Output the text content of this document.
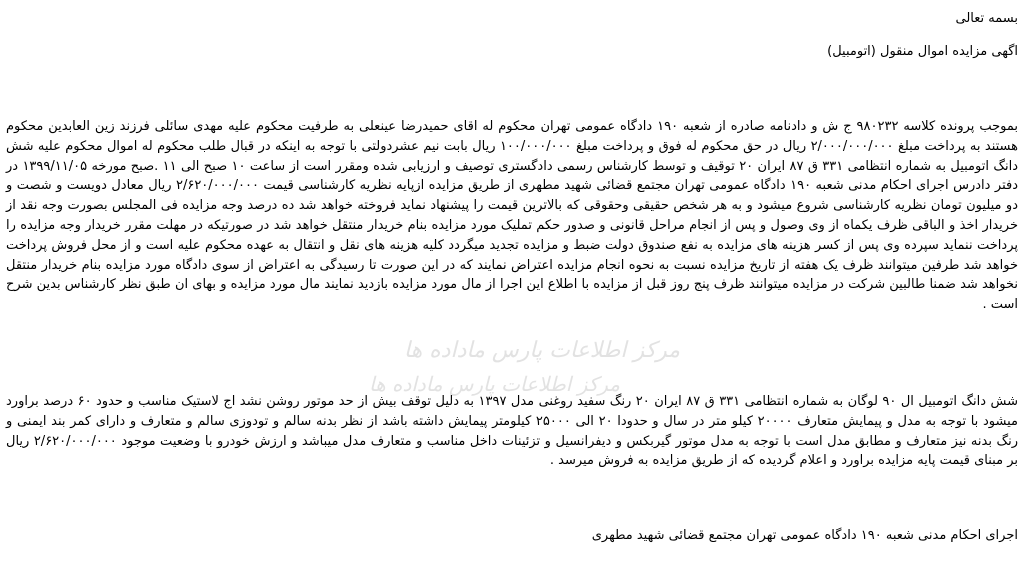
بسمه تعالی
اگهی مزایده اموال منقول (اتومبیل)
مرکز اطلاعات پارس ماداده ها
مرکز اطلاعات پارس ماداده ها
بموجب پرونده کلاسه ۹۸۰۲۳۲ ج ش و دادنامه صادره از شعبه ۱۹۰ دادگاه عمومی تهران محکوم له اقای حمیدرضا عینعلی به طرفیت محکوم علیه مهدی سائلی فرزند زین العابدین محکوم هستند به پرداخت مبلغ ۲/۰۰۰/۰۰۰/۰۰۰ ریال در حق محکوم له فوق و پرداخت مبلغ ۱۰۰/۰۰۰/۰۰۰ ریال بابت نیم عشردولتی با توجه به اینکه در قبال طلب محکوم له اموال محکوم علیه شش دانگ اتومبیل به شماره انتظامی ۳۳۱ ق ۸۷ ایران ۲۰ توقیف و توسط کارشناس رسمی دادگستری توصیف و ارزیابی شده ومقرر است از ساعت ۱۰ صبح الی ۱۱ .صبح مورخه ۱۳۹۹/۱۱/۰۵ در دفتر دادرس اجرای احکام مدنی شعبه ۱۹۰ دادگاه عمومی تهران مجتمع قضائی شهید مطهری از طریق مزایده ازپایه نظریه کارشناسی قیمت ۲/۶۲۰/۰۰۰/۰۰۰ ریال معادل دویست و شصت و دو میلیون تومان نظریه کارشناسی شروع میشود و به هر شخص حقیقی وحقوقی که بالاترین قیمت را پیشنهاد نماید فروخته خواهد شد ده درصد وجه مزایده فی المجلس بصورت وجه نقد از خریدار اخذ و الباقی ظرف یکماه از وی وصول و پس از انجام مراحل قانونی و صدور حکم تملیک مورد مزایده بنام خریدار منتقل خواهد شد در صورتیکه در مهلت مقرر خریدار وجه مزایده را پرداخت ننماید سپرده وی پس از کسر هزینه های مزایده به نفع صندوق دولت ضبط و مزایده تجدید میگردد کلیه هزینه های نقل و انتقال به عهده محکوم علیه است و از محل فروش پرداخت خواهد شد طرفین میتوانند ظرف یک هفته از تاریخ مزایده نسبت به نحوه انجام مزایده اعتراض نمایند که در این صورت تا رسیدگی به اعتراض از سوی دادگاه مورد مزایده بنام خریدار منتقل نخواهد شد ضمنا طالبین شرکت در مزایده میتوانند ظرف پنج روز قبل از مزایده با اطلاع این اجرا از مال مورد مزایده بازدید نمایند مال مورد مزایده و بهای ان طبق نظر کارشناس بدین شرح است .
شش دانگ اتومبیل ال ۹۰ لوگان به شماره انتظامی ۳۳۱ ق ۸۷ ایران ۲۰ رنگ سفید روغنی مدل ۱۳۹۷ به دلیل توقف بیش از حد موتور روشن نشد اج لاستیک مناسب و حدود ۶۰ درصد براورد میشود با توجه به مدل و پیمایش متعارف ۲۰۰۰۰ کیلو متر در سال و حدودا ۲۰ الی ۲۵۰۰۰ کیلومتر پیمایش داشته باشد از نظر بدنه سالم و تودوزی سالم و متعارف و دارای کمر بند ایمنی و رنگ بدنه نیز متعارف و مطابق مدل است با توجه به مدل موتور گیربکس و دیفرانسیل و تزئینات داخل مناسب و متعارف مدل میباشد و ارزش خودرو با وضعیت موجود ۲/۶۲۰/۰۰۰/۰۰۰ ریال بر مبنای قیمت پایه مزایده براورد و اعلام گردیده که از طریق مزایده به فروش میرسد .
اجرای احکام مدنی شعبه ۱۹۰ دادگاه عمومی تهران مجتمع قضائی شهید مطهری
